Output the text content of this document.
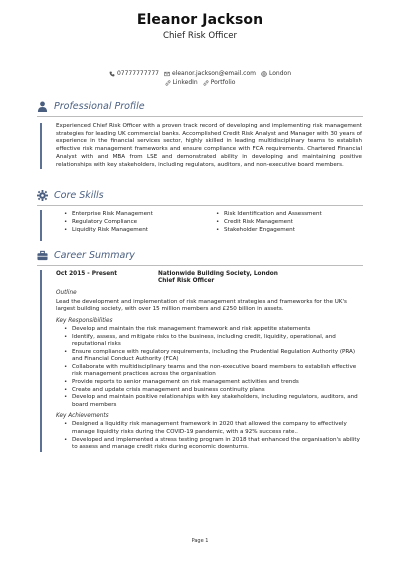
Eleanor Jackson
Chief Risk Officer
07777777777 eleanor.jackson@email.com London
LinkedIn Portfolio
Professional Profile

Experienced Chief Risk Officer with a proven track record of developing and implementing risk management strategies for leading UK commercial banks. Accomplished Credit Risk Analyst and Manager with 30 years of experience in the financial services sector, highly skilled in leading multidisciplinary teams to establish effective risk management frameworks and ensure compliance with FCA requirements. Chartered Financial Analyst with and MBA from LSE and demonstrated ability in developing and maintaining positive relationships with key stakeholders, including regulators, auditors, and non-executive board members.

Core Skills
• Enterprise Risk Management	• Risk Identification and Assessment
• Regulatory Compliance	• Credit Risk Management
• Liquidity Risk Management	• Stakeholder Engagement
Career Summary
Oct 2015 - Present	Nationwide Building Society, London
Chief Risk Officer
Outline

Lead the development and implementation of risk management strategies and frameworks for the UK's largest building society, with over 15 million members and £250 billion in assets.

Key Responsibilities
• Develop and maintain the risk management framework and risk appetite statements
• Identify, assess, and mitigate risks to the business, including credit, liquidity, operational, and reputational risks
• Ensure compliance with regulatory requirements, including the Prudential Regulation Authority (PRA) and Financial Conduct Authority (FCA)
• Collaborate with multidisciplinary teams and the non-executive board members to establish effective risk management practices across the organisation
• Provide reports to senior management on risk management activities and trends
• Create and update crisis management and business continuity plans
• Develop and maintain positive relationships with key stakeholders, including regulators, auditors, and board members
Key Achievements
• Designed a liquidity risk management framework in 2020 that allowed the company to effectively manage liquidity risks during the COVID-19 pandemic, with a 92% success rate..
• Developed and implemented a stress testing program in 2018 that enhanced the organisation's ability to assess and manage credit risks during economic downturns.
Page 1
